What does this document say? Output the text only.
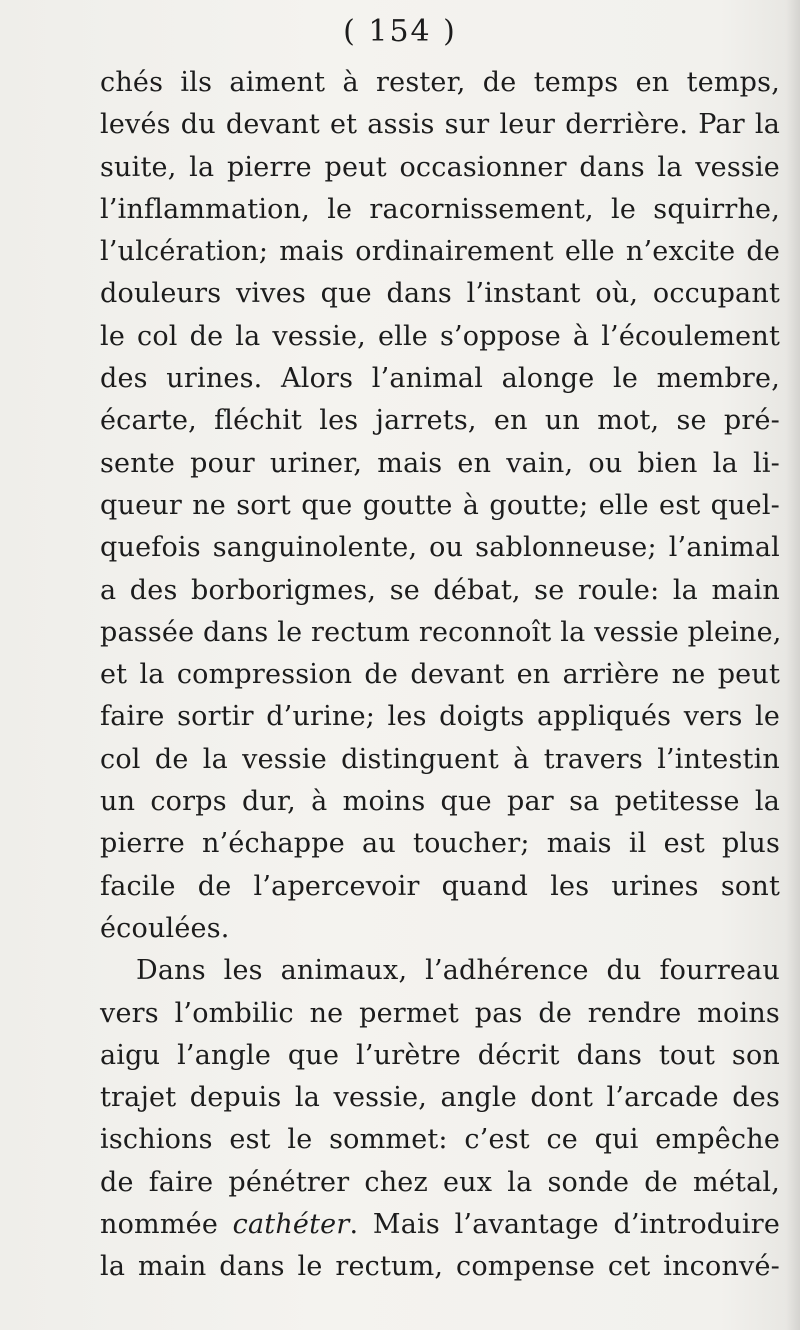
( 154 )
chés ils aiment à rester, de temps en temps,
levés du devant et assis sur leur derrière. Par la
suite, la pierre peut occasionner dans la vessie
l’inflammation, le racornissement, le squirrhe,
l’ulcération; mais ordinairement elle n’excite de
douleurs vives que dans l’instant où, occupant
le col de la vessie, elle s’oppose à l’écoulement
des urines. Alors l’animal alonge le membre,
écarte, fléchit les jarrets, en un mot, se pré-
sente pour uriner, mais en vain, ou bien la li-
queur ne sort que goutte à goutte; elle est quel-
quefois sanguinolente, ou sablonneuse; l’animal
a des borborigmes, se débat, se roule: la main
passée dans le rectum reconnoît la vessie pleine,
et la compression de devant en arrière ne peut
faire sortir d’urine; les doigts appliqués vers le
col de la vessie distinguent à travers l’intestin
un corps dur, à moins que par sa petitesse la
pierre n’échappe au toucher; mais il est plus
facile de l’apercevoir quand les urines sont
écoulées.
Dans les animaux, l’adhérence du fourreau
vers l’ombilic ne permet pas de rendre moins
aigu l’angle que l’urètre décrit dans tout son
trajet depuis la vessie, angle dont l’arcade des
ischions est le sommet: c’est ce qui empêche
de faire pénétrer chez eux la sonde de métal,
nommée cathéter. Mais l’avantage d’introduire
la main dans le rectum, compense cet inconvé-
